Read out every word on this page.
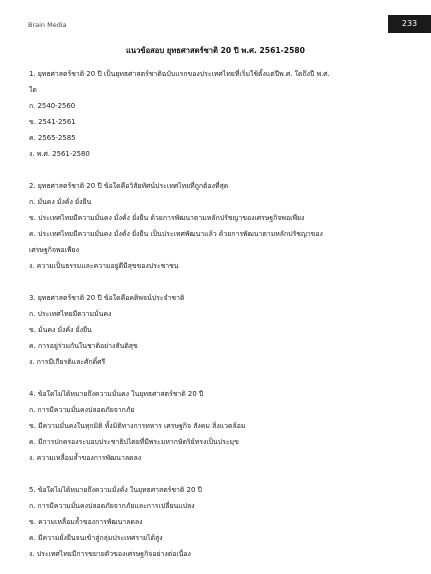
Brain Media	233
แนวข้อสอบ ยุทธศาสตร์ชาติ 20 ปี พ.ศ. 2561-2580

1. ยุทธศาสตร์ชาติ 20 ปี เป็นยุทธศาสตร์ชาติฉบับแรกของประเทศไทยที่เริ่มใช้ตั้งแต่ปีพ.ศ. ใดถึงปี พ.ศ.

ใด

ก. 2540-2560

ข. 2541-2561

ค. 2565-2585

ง. พ.ศ. 2561-2580

2. ยุทธศาสตร์ชาติ 20 ปี ข้อใดคือวิสัยทัศน์ประเทศไทยที่ถูกต้องที่สุด

ก. มั่นคง มั่งคั่ง ยั่งยืน

ข. ประเทศไทยมีความมั่นคง มั่งคั่ง ยั่งยืน ด้วยการพัฒนาตามหลักปรัชญาของเศรษฐกิจพอเพียง

ค. ประเทศไทยมีความมั่นคง มั่งคั่ง ยั่งยืน เป็นประเทศพัฒนาแล้ว ด้วยการพัฒนาตามหลักปรัชญาของ

เศรษฐกิจพอเพียง

ง. ความเป็นธรรมและความอยู่ดีมีสุขของประชาชน

3. ยุทธศาสตร์ชาติ 20 ปี ข้อใดคือคติพจน์ประจำชาติ

ก. ประเทศไทยมีความมั่นคง

ข. มั่นคง มั่งคั่ง ยั่งยืน

ค. การอยู่ร่วมกันในชาติอย่างสันติสุข

ง. การมีเกียรติและศักดิ์ศรี

4. ข้อใดไม่ได้หมายถึงความมั่นคง ในยุทธศาสตร์ชาติ 20 ปี

ก. การมีความมั่นคงปลอดภัยจากภัย

ข. มีความมั่นคงในทุกมิติ ทั้งมิติทางการทหาร เศรษฐกิจ สังคม สิ่งแวดล้อม

ค. มีการปกครองระบอบประชาธิปไตยที่มีพระมหากษัตริย์ทรงเป็นประมุข

ง. ความเหลื่อมล้ำของการพัฒนาลดลง

5. ข้อใดไม่ได้หมายถึงความมั่งคั่ง ในยุทธศาสตร์ชาติ 20 ปี

ก. การมีความมั่นคงปลอดภัยจากภัยและการเปลี่ยนแปลง

ข. ความเหลื่อมล้ำของการพัฒนาลดลง

ค. มีความยั่งยืนจนเข้าสู่กลุ่มประเทศรายได้สูง

ง. ประเทศไทยมีการขยายตัวของเศรษฐกิจอย่างต่อเนื่อง
